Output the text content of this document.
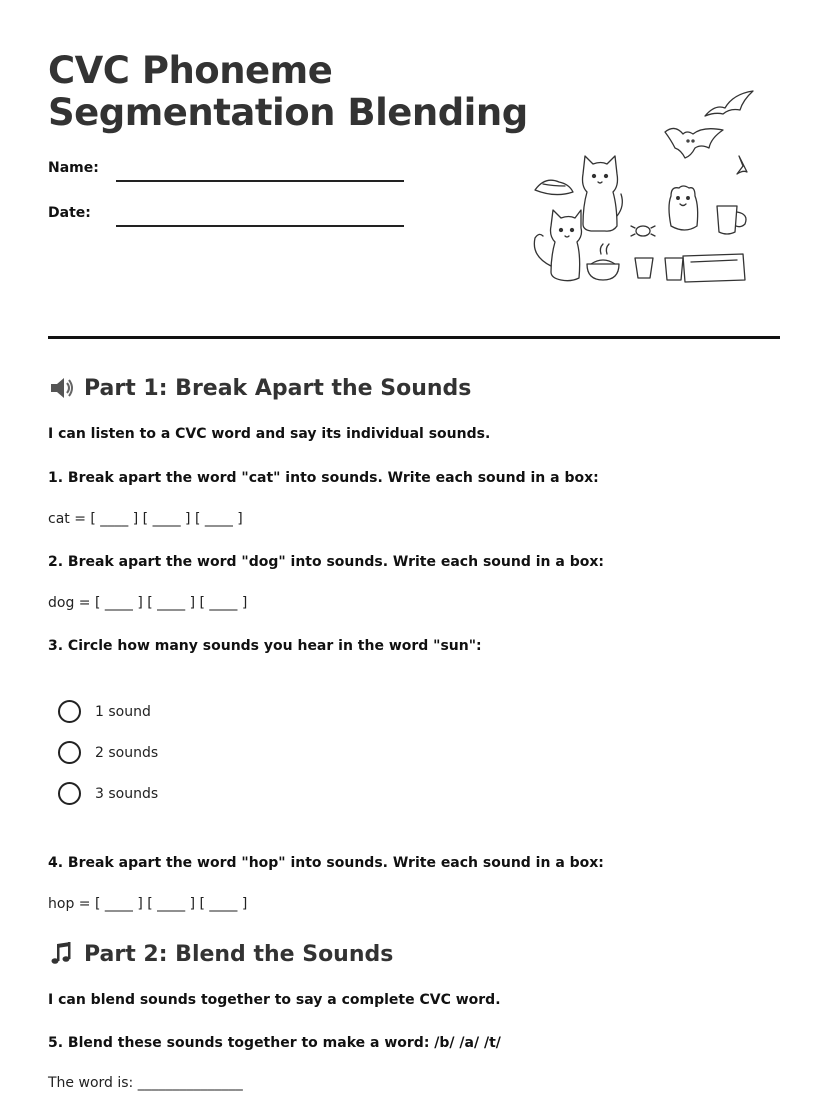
CVC Phoneme
Segmentation Blending
Name:
Date:
Part 1: Break Apart the Sounds
I can listen to a CVC word and say its individual sounds.
1. Break apart the word "cat" into sounds. Write each sound in a box:
cat = [ ____ ] [ ____ ] [ ____ ]
2. Break apart the word "dog" into sounds. Write each sound in a box:
dog = [ ____ ] [ ____ ] [ ____ ]
3. Circle how many sounds you hear in the word "sun":
1 sound
2 sounds
3 sounds
4. Break apart the word "hop" into sounds. Write each sound in a box:
hop = [ ____ ] [ ____ ] [ ____ ]
Part 2: Blend the Sounds
I can blend sounds together to say a complete CVC word.
5. Blend these sounds together to make a word: /b/ /a/ /t/
The word is: _______________
